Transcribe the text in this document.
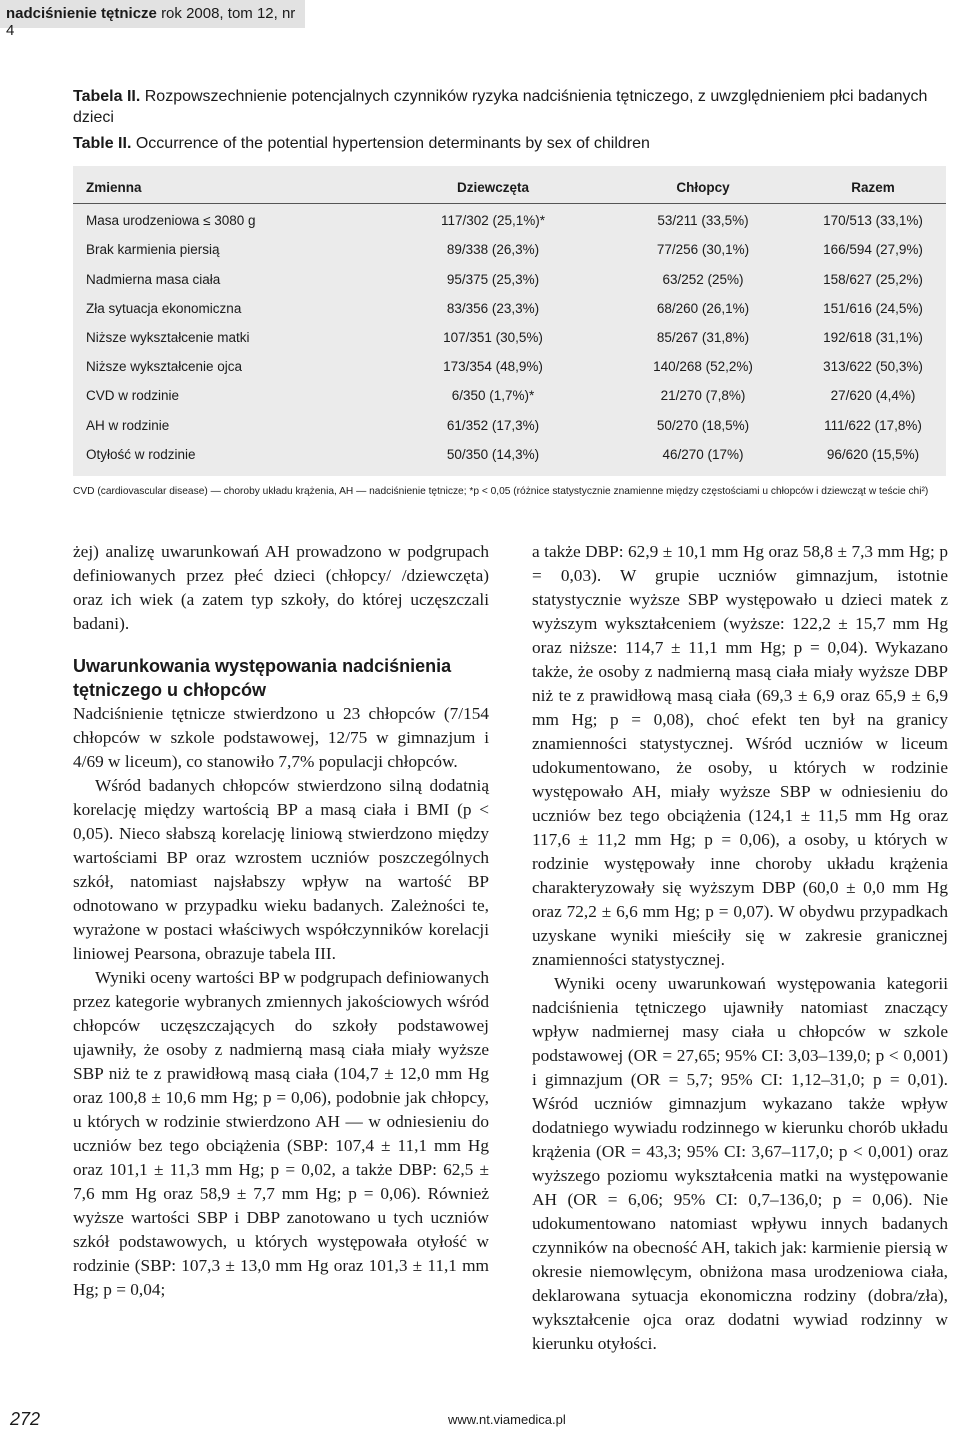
nadciśnienie tętnicze rok 2008, tom 12, nr 4
Tabela II. Rozpowszechnienie potencjalnych czynników ryzyka nadciśnienia tętniczego, z uwzględnieniem płci badanych dzieci
Table II. Occurrence of the potential hypertension determinants by sex of children
Zmienna	Dziewczęta	Chłopcy	Razem
Masa urodzeniowa ≤ 3080 g	117/302 (25,1%)*	53/211 (33,5%)	170/513 (33,1%)
Brak karmienia piersią	89/338 (26,3%)	77/256 (30,1%)	166/594 (27,9%)
Nadmierna masa ciała	95/375 (25,3%)	63/252 (25%)	158/627 (25,2%)
Zła sytuacja ekonomiczna	83/356 (23,3%)	68/260 (26,1%)	151/616 (24,5%)
Niższe wykształcenie matki	107/351 (30,5%)	85/267 (31,8%)	192/618 (31,1%)
Niższe wykształcenie ojca	173/354 (48,9%)	140/268 (52,2%)	313/622 (50,3%)
CVD w rodzinie	6/350 (1,7%)*	21/270 (7,8%)	27/620 (4,4%)
AH w rodzinie	61/352 (17,3%)	50/270 (18,5%)	111/622 (17,8%)
Otyłość w rodzinie	50/350 (14,3%)	46/270 (17%)	96/620 (15,5%)
CVD (cardiovascular disease) — choroby układu krążenia, AH — nadciśnienie tętnicze; *p < 0,05 (różnice statystycznie znamienne między częstościami u chłopców i dziewcząt w teście chi²)

żej) analizę uwarunkowań AH prowadzono w podgrupach definiowanych przez płeć dzieci (chłopcy/ /dziewczęta) oraz ich wiek (a zatem typ szkoły, do której uczęszczali badani).

Uwarunkowania występowania nadciśnienia tętniczego u chłopców

Nadciśnienie tętnicze stwierdzono u 23 chłopców (7/154 chłopców w szkole podstawowej, 12/75 w gimnazjum i 4/69 w liceum), co stanowiło 7,7% populacji chłopców.

Wśród badanych chłopców stwierdzono silną dodatnią korelację między wartością BP a masą ciała i BMI (p < 0,05). Nieco słabszą korelację liniową stwierdzono między wartościami BP oraz wzrostem uczniów poszczególnych szkół, natomiast najsłabszy wpływ na wartość BP odnotowano w przypadku wieku badanych. Zależności te, wyrażone w postaci właściwych współczynników korelacji liniowej Pearsona, obrazuje tabela III.

Wyniki oceny wartości BP w podgrupach definiowanych przez kategorie wybranych zmiennych jakościowych wśród chłopców uczęszczających do szkoły podstawowej ujawniły, że osoby z nadmierną masą ciała miały wyższe SBP niż te z prawidłową masą ciała (104,7 ± 12,0 mm Hg oraz 100,8 ± 10,6 mm Hg; p = 0,06), podobnie jak chłopcy, u których w rodzinie stwierdzono AH — w odniesieniu do uczniów bez tego obciążenia (SBP: 107,4 ± 11,1 mm Hg oraz 101,1 ± 11,3 mm Hg; p = 0,02, a także DBP: 62,5 ± 7,6 mm Hg oraz 58,9 ± 7,7 mm Hg; p = 0,06). Również wyższe wartości SBP i DBP zanotowano u tych uczniów szkół podstawowych, u których występowała otyłość w rodzinie (SBP: 107,3 ± 13,0 mm Hg oraz 101,3 ± 11,1 mm Hg; p = 0,04;

a także DBP: 62,9 ± 10,1 mm Hg oraz 58,8 ± 7,3 mm Hg; p = 0,03). W grupie uczniów gimnazjum, istotnie statystycznie wyższe SBP występowało u dzieci matek z wyższym wykształceniem (wyższe: 122,2 ± 15,7 mm Hg oraz niższe: 114,7 ± 11,1 mm Hg; p = 0,04). Wykazano także, że osoby z nadmierną masą ciała miały wyższe DBP niż te z prawidłową masą ciała (69,3 ± 6,9 oraz 65,9 ± 6,9 mm Hg; p = 0,08), choć efekt ten był na granicy znamienności statystycznej. Wśród uczniów w liceum udokumentowano, że osoby, u których w rodzinie występowało AH, miały wyższe SBP w odniesieniu do uczniów bez tego obciążenia (124,1 ± 11,5 mm Hg oraz 117,6 ± 11,2 mm Hg; p = 0,06), a osoby, u których w rodzinie występowały inne choroby układu krążenia charakteryzowały się wyższym DBP (60,0 ± 0,0 mm Hg oraz 72,2 ± 6,6 mm Hg; p = 0,07). W obydwu przypadkach uzyskane wyniki mieściły się w zakresie granicznej znamienności statystycznej.

Wyniki oceny uwarunkowań występowania kategorii nadciśnienia tętniczego ujawniły natomiast znaczący wpływ nadmiernej masy ciała u chłopców w szkole podstawowej (OR = 27,65; 95% CI: 3,03–139,0; p < 0,001) i gimnazjum (OR = 5,7; 95% CI: 1,12–31,0; p = 0,01). Wśród uczniów gimnazjum wykazano także wpływ dodatniego wywiadu rodzinnego w kierunku chorób układu krążenia (OR = 43,3; 95% CI: 3,67–117,0; p < 0,001) oraz wyższego poziomu wykształcenia matki na występowanie AH (OR = 6,06; 95% CI: 0,7–136,0; p = 0,06). Nie udokumentowano natomiast wpływu innych badanych czynników na obecność AH, takich jak: karmienie piersią w okresie niemowlęcym, obniżona masa urodzeniowa ciała, deklarowana sytuacja ekonomiczna rodziny (dobra/zła), wykształcenie ojca oraz dodatni wywiad rodzinny w kierunku otyłości.

272	www.nt.viamedica.pl
